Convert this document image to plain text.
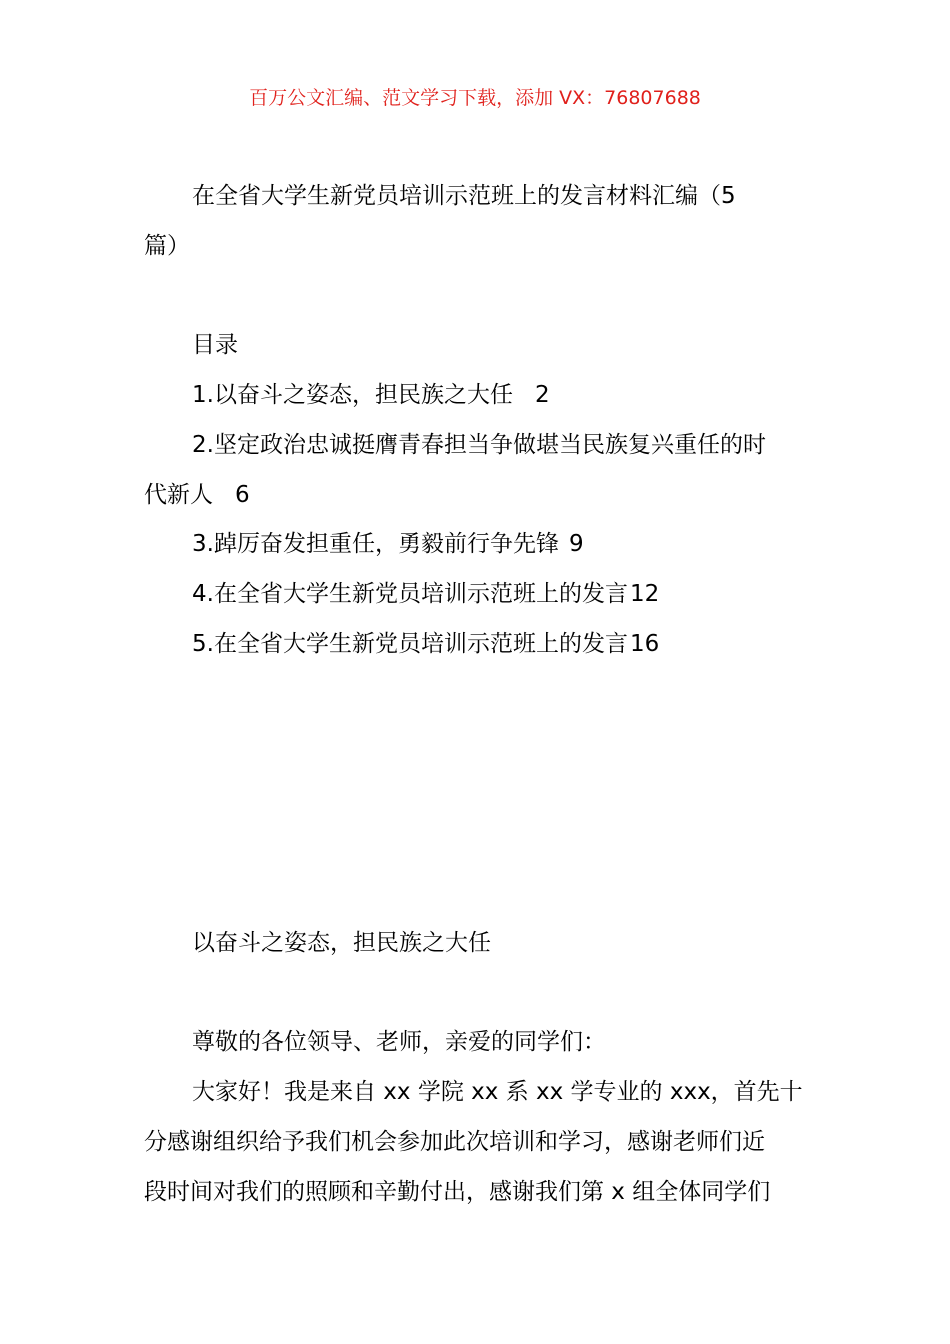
百万公文汇编、范文学习下载，添加 VX：76807688
在全省大学生新党员培训示范班上的发言材料汇编（5
篇）
目录
1.以奋斗之姿态，担民族之大任 2
2.坚定政治忠诚挺膺青春担当争做堪当民族复兴重任的时
代新人 6
3.踔厉奋发担重任，勇毅前行争先锋 9
4.在全省大学生新党员培训示范班上的发言12
5.在全省大学生新党员培训示范班上的发言16
以奋斗之姿态，担民族之大任
尊敬的各位领导、老师，亲爱的同学们：
大家好！我是来自 xx 学院 xx 系 xx 学专业的 xxx，首先十
分感谢组织给予我们机会参加此次培训和学习，感谢老师们近
段时间对我们的照顾和辛勤付出，感谢我们第 x 组全体同学们
